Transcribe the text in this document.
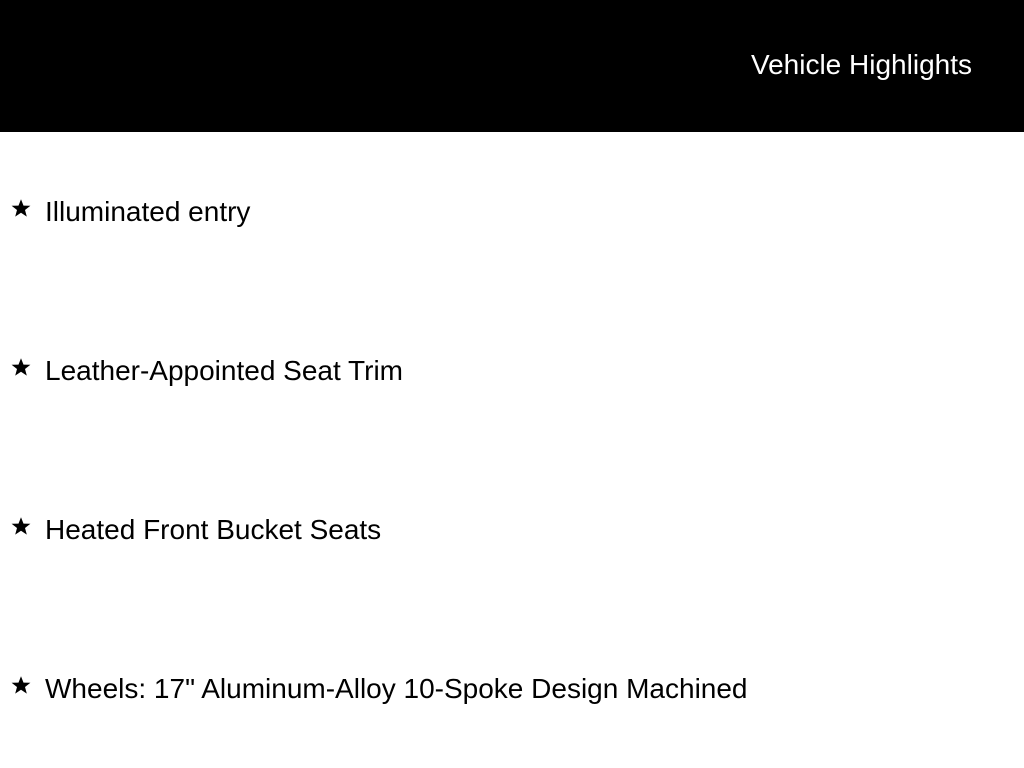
Vehicle Highlights
Illuminated entry
Leather-Appointed Seat Trim
Heated Front Bucket Seats
Wheels: 17" Aluminum-Alloy 10-Spoke Design Machined
